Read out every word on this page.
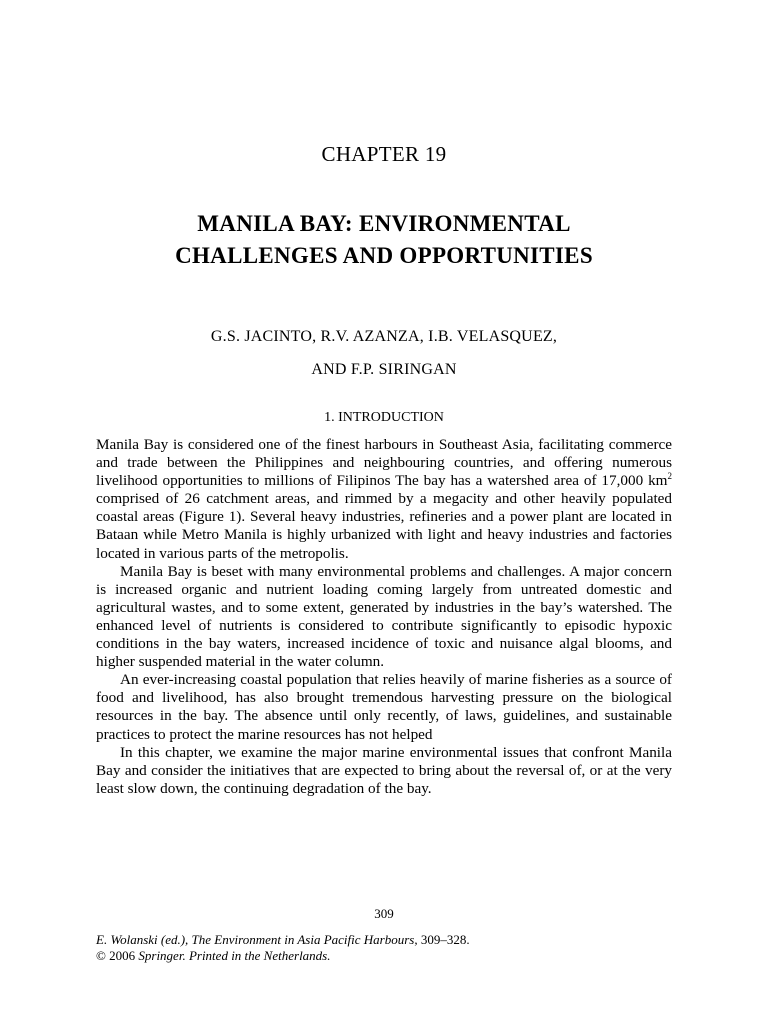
CHAPTER 19
MANILA BAY: ENVIRONMENTAL
CHALLENGES AND OPPORTUNITIES
G.S. JACINTO, R.V. AZANZA, I.B. VELASQUEZ,
AND F.P. SIRINGAN
1. INTRODUCTION

Manila Bay is considered one of the finest harbours in Southeast Asia, facilitating commerce and trade between the Philippines and neighbouring countries, and offering numerous livelihood opportunities to millions of Filipinos The bay has a watershed area of 17,000 $km^2$ comprised of 26 catchment areas, and rimmed by a megacity and other heavily populated coastal areas (Figure 1). Several heavy industries, refineries and a power plant are located in Bataan while Metro Manila is highly urbanized with light and heavy industries and factories located in various parts of the metropolis.

Manila Bay is beset with many environmental problems and challenges. A major concern is increased organic and nutrient loading coming largely from untreated domestic and agricultural wastes, and to some extent, generated by industries in the bay’s watershed. The enhanced level of nutrients is considered to contribute significantly to episodic hypoxic conditions in the bay waters, increased incidence of toxic and nuisance algal blooms, and higher suspended material in the water column.

An ever-increasing coastal population that relies heavily of marine fisheries as a source of food and livelihood, has also brought tremendous harvesting pressure on the biological resources in the bay. The absence until only recently, of laws, guidelines, and sustainable practices to protect the marine resources has not helped

In this chapter, we examine the major marine environmental issues that confront Manila Bay and consider the initiatives that are expected to bring about the reversal of, or at the very least slow down, the continuing degradation of the bay.

309
E. Wolanski (ed.), The Environment in Asia Pacific Harbours, 309–328.
© 2006 Springer. Printed in the Netherlands.
